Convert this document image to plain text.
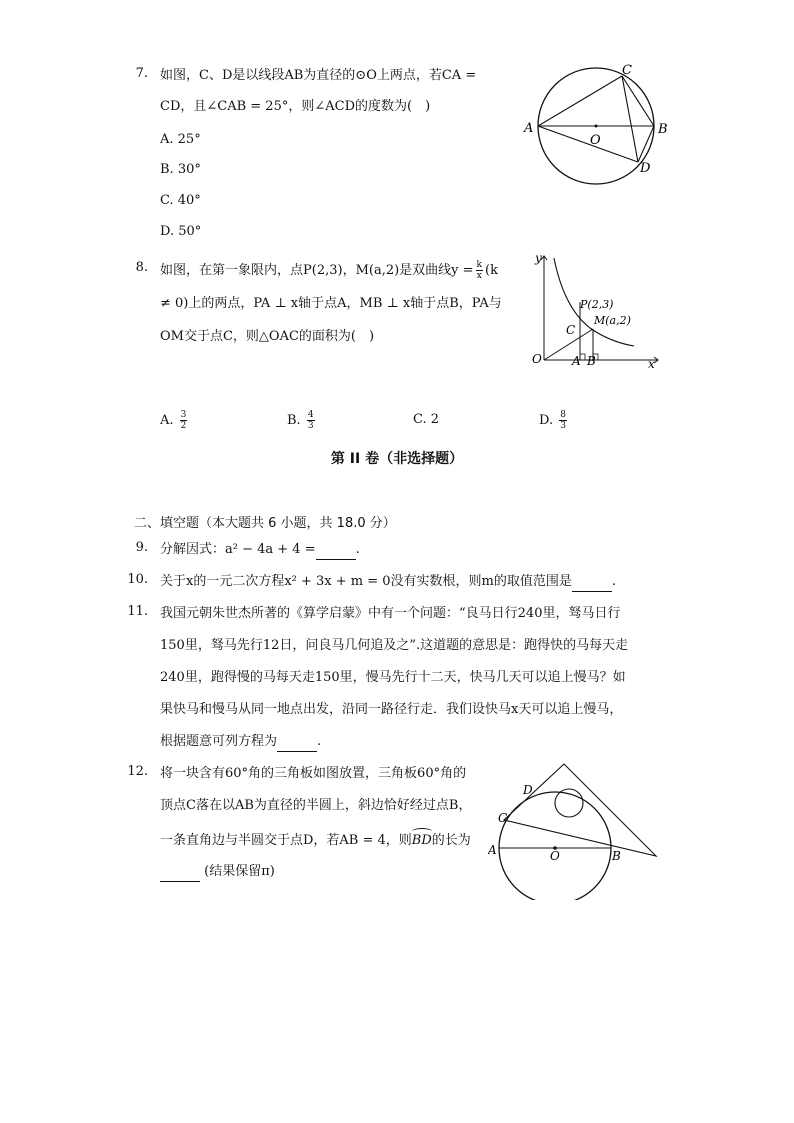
7. 如图，C、D是以线段AB为直径的⊙O上两点，若CA =
CD，且∠CAB = 25°，则∠ACD的度数为(　)
A. 25°
B. 30°
C. 40°
D. 50°
A	B
C
D
O
8. 如图，在第一象限内，点P(2,3)，M(a,2)是双曲线$y = \frac{k}{x} (k$
≠ 0)上的两点，PA ⊥ x轴于点A，MB ⊥ x轴于点B，PA与
OM交于点C，则△OAC的面积为(　)
y
x
O	A B
C
P(2,3)
M(a,2)
A. $\frac{3}{2}$	B. $\frac{4}{3}$	C. 2	D. $\frac{8}{3}$
第 II 卷（非选择题）
二、填空题（本大题共 6 小题，共 18.0 分）
9. 分解因式：a² − 4a + 4 =	.
10. 关于x的一元二次方程x² + 3x + m = 0没有实数根，则m的取值范围是	.
11. 我国元朝朱世杰所著的《算学启蒙》中有一个问题：“良马日行240里，驽马日行
150里，驽马先行12日，问良马几何追及之”.这道题的意思是：跑得快的马每天走
240里，跑得慢的马每天走150里，慢马先行十二天，快马几天可以追上慢马？如
果快马和慢马从同一地点出发，沿同一路径行走．我们设快马x天可以追上慢马，
根据题意可列方程为	.
12. 将一块含有60°角的三角板如图放置，三角板60°角的
顶点C落在以AB为直径的半圆上，斜边恰好经过点B，
一条直角边与半圆交于点D，若AB = 4，则
BD的长为
(结果保留π)
A	B
C
D
O
